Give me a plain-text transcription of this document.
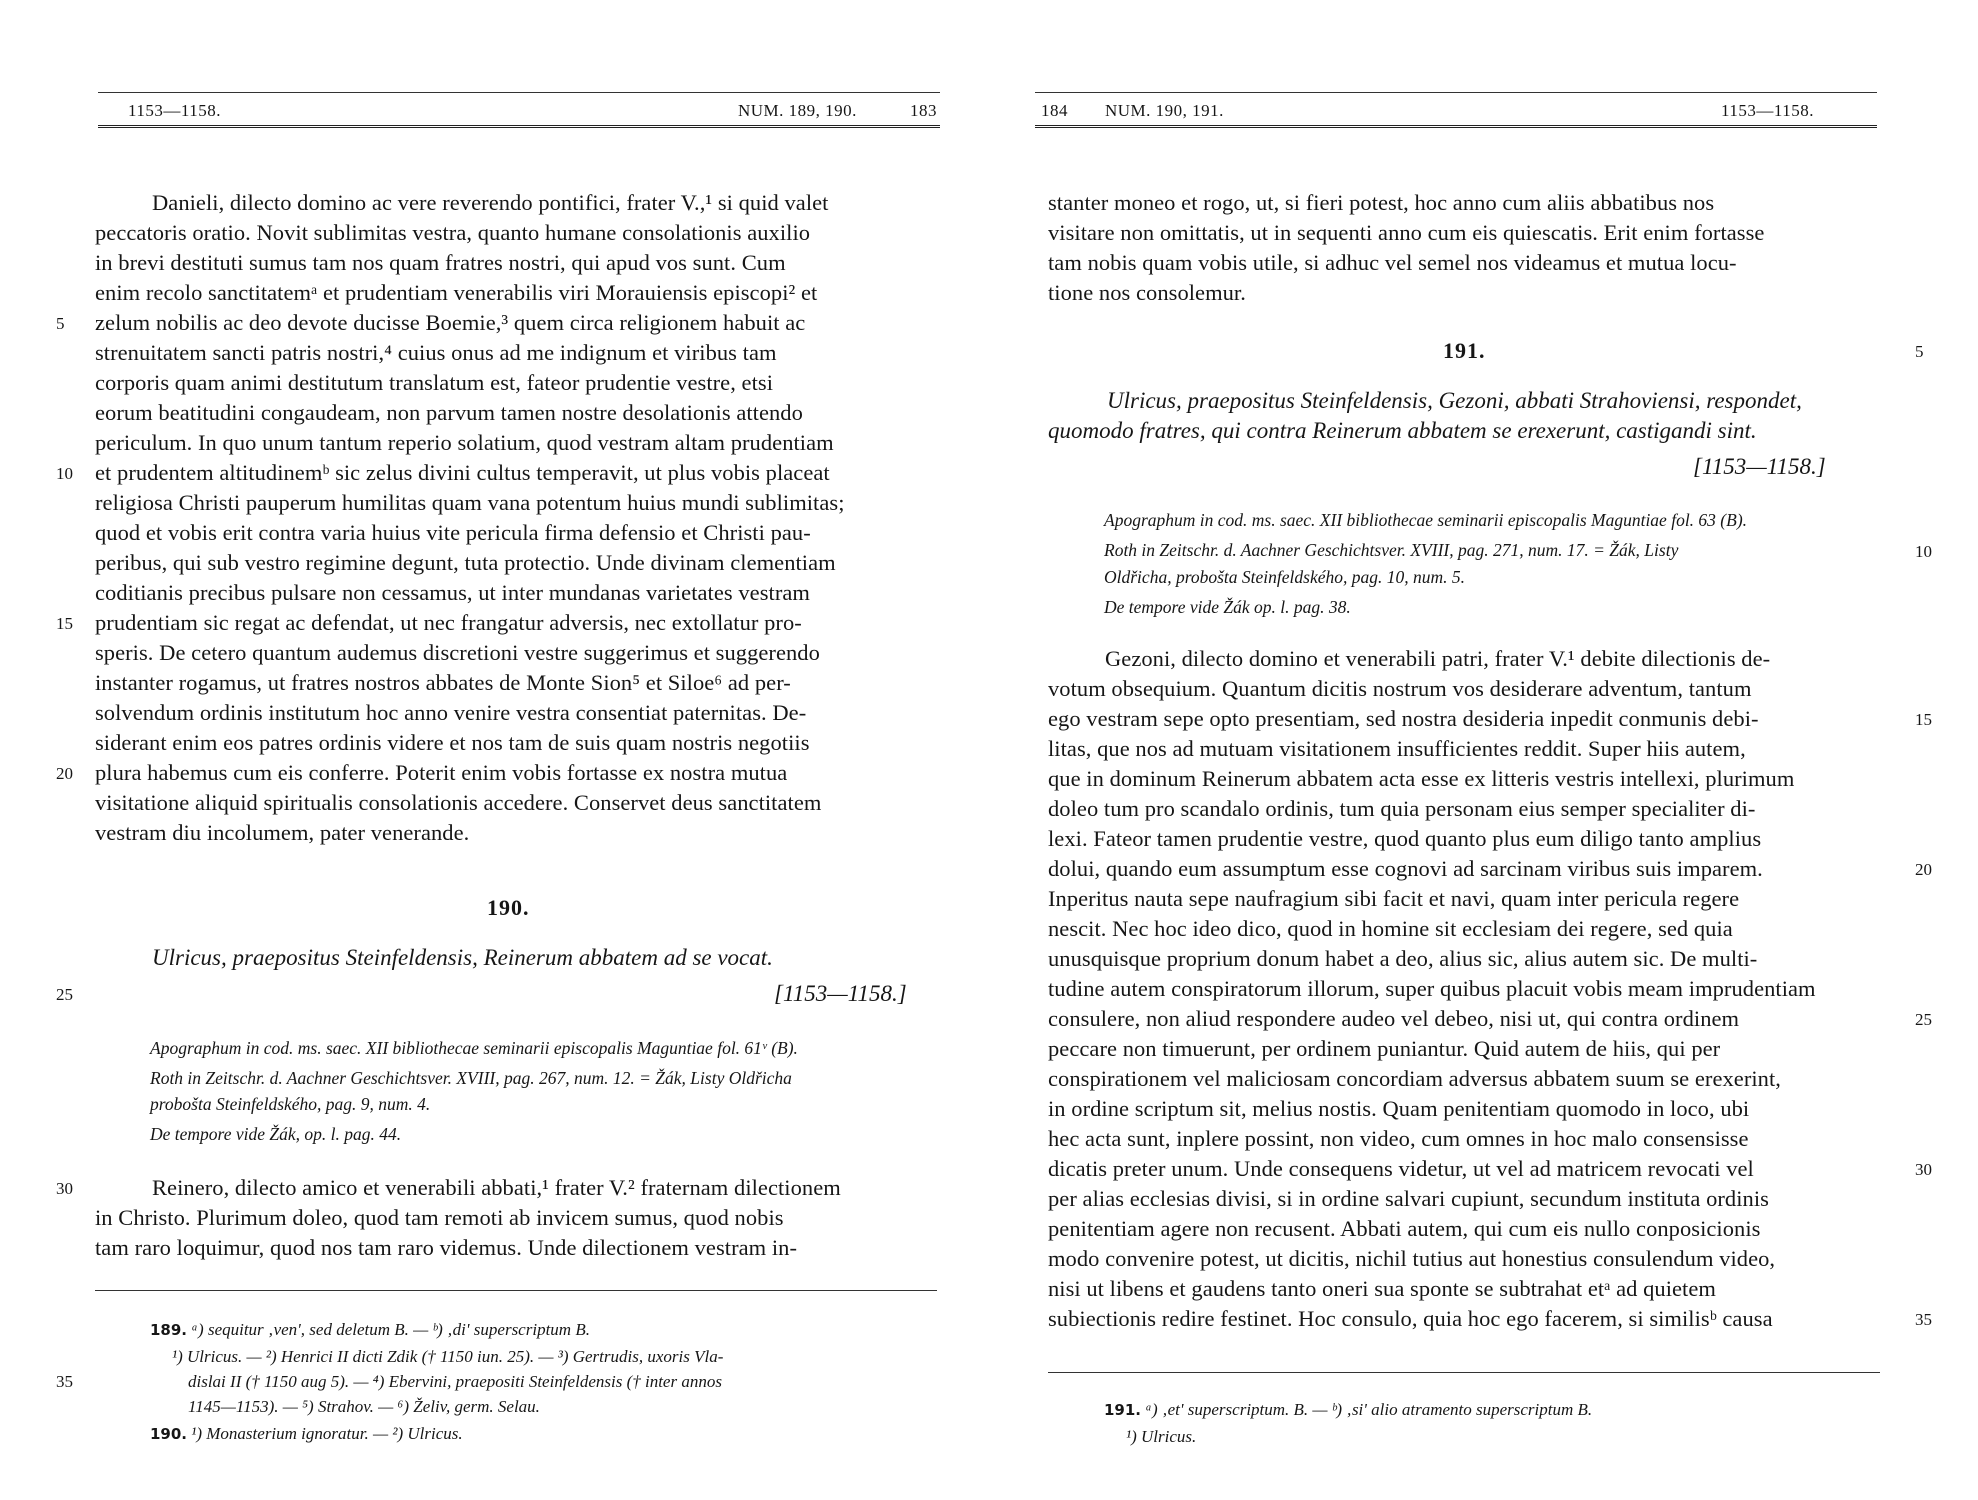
1153—1158.	NUM. 189, 190.	183
Danieli, dilecto domino ac vere reverendo pontifici, frater V.,¹ si quid valet
peccatoris oratio. Novit sublimitas vestra, quanto humane consolationis auxilio
in brevi destituti sumus tam nos quam fratres nostri, qui apud vos sunt. Cum
enim recolo sanctitatemᵃ et prudentiam venerabilis viri Morauiensis episcopi² et
zelum nobilis ac deo devote ducisse Boemie,³ quem circa religionem habuit ac
strenuitatem sancti patris nostri,⁴ cuius onus ad me indignum et viribus tam
corporis quam animi destitutum translatum est, fateor prudentie vestre, etsi
eorum beatitudini congaudeam, non parvum tamen nostre desolationis attendo
periculum. In quo unum tantum reperio solatium, quod vestram altam prudentiam
et prudentem altitudinemᵇ sic zelus divini cultus temperavit, ut plus vobis placeat
religiosa Christi pauperum humilitas quam vana potentum huius mundi sublimitas;
quod et vobis erit contra varia huius vite pericula firma defensio et Christi pau-
peribus, qui sub vestro regimine degunt, tuta protectio. Unde divinam clementiam
coditianis precibus pulsare non cessamus, ut inter mundanas varietates vestram
prudentiam sic regat ac defendat, ut nec frangatur adversis, nec extollatur pro-
speris. De cetero quantum audemus discretioni vestre suggerimus et suggerendo
instanter rogamus, ut fratres nostros abbates de Monte Sion⁵ et Siloe⁶ ad per-
solvendum ordinis institutum hoc anno venire vestra consentiat paternitas. De-
siderant enim eos patres ordinis videre et nos tam de suis quam nostris negotiis
plura habemus cum eis conferre. Poterit enim vobis fortasse ex nostra mutua
visitatione aliquid spiritualis consolationis accedere. Conservet deus sanctitatem
vestram diu incolumem, pater venerande.
190.
Ulricus, praepositus Steinfeldensis, Reinerum abbatem ad se vocat.
[1153—1158.]
Apographum in cod. ms. saec. XII bibliothecae seminarii episcopalis Maguntiae fol. 61ᵛ (B).
Roth in Zeitschr. d. Aachner Geschichtsver. XVIII, pag. 267, num. 12. = Žák, Listy Oldřicha
probošta Steinfeldského, pag. 9, num. 4.
De tempore vide Žák, op. l. pag. 44.
Reinero, dilecto amico et venerabili abbati,¹ frater V.² fraternam dilectionem
in Christo. Plurimum doleo, quod tam remoti ab invicem sumus, quod nobis
tam raro loquimur, quod nos tam raro videmus. Unde dilectionem vestram in-
189. ᵃ) sequitur ‚ven', sed deletum B. — ᵇ) ‚di' superscriptum B.
¹) Ulricus. — ²) Henrici II dicti Zdik († 1150 iun. 25). — ³) Gertrudis, uxoris Vla-
dislai II († 1150 aug 5). — ⁴) Ebervini, praepositi Steinfeldensis († inter annos
1145—1153). — ⁵) Strahov. — ⁶) Želiv, germ. Selau.
190. ¹) Monasterium ignoratur. — ²) Ulricus.
5
10
15
20
25
30
35
184 NUM. 190, 191.	1153—1158.
stanter moneo et rogo, ut, si fieri potest, hoc anno cum aliis abbatibus nos
visitare non omittatis, ut in sequenti anno cum eis quiescatis. Erit enim fortasse
tam nobis quam vobis utile, si adhuc vel semel nos videamus et mutua locu-
tione nos consolemur.
191.
Ulricus, praepositus Steinfeldensis, Gezoni, abbati Strahoviensi, respondet,
quomodo fratres, qui contra Reinerum abbatem se erexerunt, castigandi sint.
[1153—1158.]
Apographum in cod. ms. saec. XII bibliothecae seminarii episcopalis Maguntiae fol. 63 (B).
Roth in Zeitschr. d. Aachner Geschichtsver. XVIII, pag. 271, num. 17. = Žák, Listy
Oldřicha, probošta Steinfeldského, pag. 10, num. 5.
De tempore vide Žák op. l. pag. 38.
Gezoni, dilecto domino et venerabili patri, frater V.¹ debite dilectionis de-
votum obsequium. Quantum dicitis nostrum vos desiderare adventum, tantum
ego vestram sepe opto presentiam, sed nostra desideria inpedit conmunis debi-
litas, que nos ad mutuam visitationem insufficientes reddit. Super hiis autem,
que in dominum Reinerum abbatem acta esse ex litteris vestris intellexi, plurimum
doleo tum pro scandalo ordinis, tum quia personam eius semper specialiter di-
lexi. Fateor tamen prudentie vestre, quod quanto plus eum diligo tanto amplius
dolui, quando eum assumptum esse cognovi ad sarcinam viribus suis imparem.
Inperitus nauta sepe naufragium sibi facit et navi, quam inter pericula regere
nescit. Nec hoc ideo dico, quod in homine sit ecclesiam dei regere, sed quia
unusquisque proprium donum habet a deo, alius sic, alius autem sic. De multi-
tudine autem conspiratorum illorum, super quibus placuit vobis meam imprudentiam
consulere, non aliud respondere audeo vel debeo, nisi ut, qui contra ordinem
peccare non timuerunt, per ordinem puniantur. Quid autem de hiis, qui per
conspirationem vel maliciosam concordiam adversus abbatem suum se erexerint,
in ordine scriptum sit, melius nostis. Quam penitentiam quomodo in loco, ubi
hec acta sunt, inplere possint, non video, cum omnes in hoc malo consensisse
dicatis preter unum. Unde consequens videtur, ut vel ad matricem revocati vel
per alias ecclesias divisi, si in ordine salvari cupiunt, secundum instituta ordinis
penitentiam agere non recusent. Abbati autem, qui cum eis nullo conposicionis
modo convenire potest, ut dicitis, nichil tutius aut honestius consulendum video,
nisi ut libens et gaudens tanto oneri sua sponte se subtrahat etᵃ ad quietem
subiectionis redire festinet. Hoc consulo, quia hoc ego facerem, si similisᵇ causa
191. ᵃ) ‚et' superscriptum. B. — ᵇ) ‚si' alio atramento superscriptum B.
¹) Ulricus.
5
10
15
20
25
30
35
